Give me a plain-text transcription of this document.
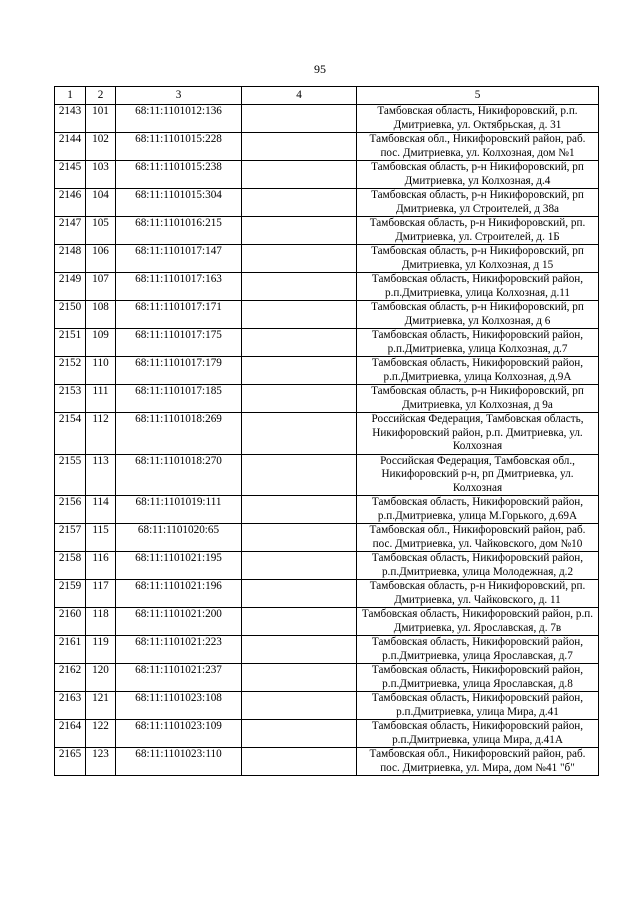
95
1	2	3	4	5
2143	101	68:11:1101012:136		Тамбовская область, Никифоровский, р.п. Дмитриевка, ул. Октябрьская, д. 31
2144	102	68:11:1101015:228		Тамбовская обл., Никифоровский район, раб. пос. Дмитриевка, ул. Колхозная, дом №1
2145	103	68:11:1101015:238		Тамбовская область, р-н Никифоровский, рп Дмитриевка, ул Колхозная, д.4
2146	104	68:11:1101015:304		Тамбовская область, р-н Никифоровский, рп Дмитриевка, ул Строителей, д 38а
2147	105	68:11:1101016:215		Тамбовская область, р-н Никифоровский, рп. Дмитриевка, ул. Строителей, д. 1Б
2148	106	68:11:1101017:147		Тамбовская область, р-н Никифоровский, рп Дмитриевка, ул Колхозная, д 15
2149	107	68:11:1101017:163		Тамбовская область, Никифоровский район, р.п.Дмитриевка, улица Колхозная, д.11
2150	108	68:11:1101017:171		Тамбовская область, р-н Никифоровский, рп Дмитриевка, ул Колхозная, д 6
2151	109	68:11:1101017:175		Тамбовская область, Никифоровский район, р.п.Дмитриевка, улица Колхозная, д.7
2152	110	68:11:1101017:179		Тамбовская область, Никифоровский район, р.п.Дмитриевка, улица Колхозная, д.9А
2153	111	68:11:1101017:185		Тамбовская область, р-н Никифоровский, рп Дмитриевка, ул Колхозная, д 9а
2154	112	68:11:1101018:269		Российская Федерация, Тамбовская область, Никифоровский район, р.п. Дмитриевка, ул. Колхозная
2155	113	68:11:1101018:270		Российская Федерация, Тамбовская обл., Никифоровский р-н, рп Дмитриевка, ул. Колхозная
2156	114	68:11:1101019:111		Тамбовская область, Никифоровский район, р.п.Дмитриевка, улица М.Горького, д.69А
2157	115	68:11:1101020:65		Тамбовская обл., Никифоровский район, раб. пос. Дмитриевка, ул. Чайковского, дом №10
2158	116	68:11:1101021:195		Тамбовская область, Никифоровский район, р.п.Дмитриевка, улица Молодежная, д.2
2159	117	68:11:1101021:196		Тамбовская область, р-н Никифоровский, рп. Дмитриевка, ул. Чайковского, д. 11
2160	118	68:11:1101021:200		Тамбовская область, Никифоровский район, р.п. Дмитриевка, ул. Ярославская, д. 7в
2161	119	68:11:1101021:223		Тамбовская область, Никифоровский район, р.п.Дмитриевка, улица Ярославская, д.7
2162	120	68:11:1101021:237		Тамбовская область, Никифоровский район, р.п.Дмитриевка, улица Ярославская, д.8
2163	121	68:11:1101023:108		Тамбовская область, Никифоровский район, р.п.Дмитриевка, улица Мира, д.41
2164	122	68:11:1101023:109		Тамбовская область, Никифоровский район, р.п.Дмитриевка, улица Мира, д.41А
2165	123	68:11:1101023:110		Тамбовская обл., Никифоровский район, раб. пос. Дмитриевка, ул. Мира, дом №41 "б"
